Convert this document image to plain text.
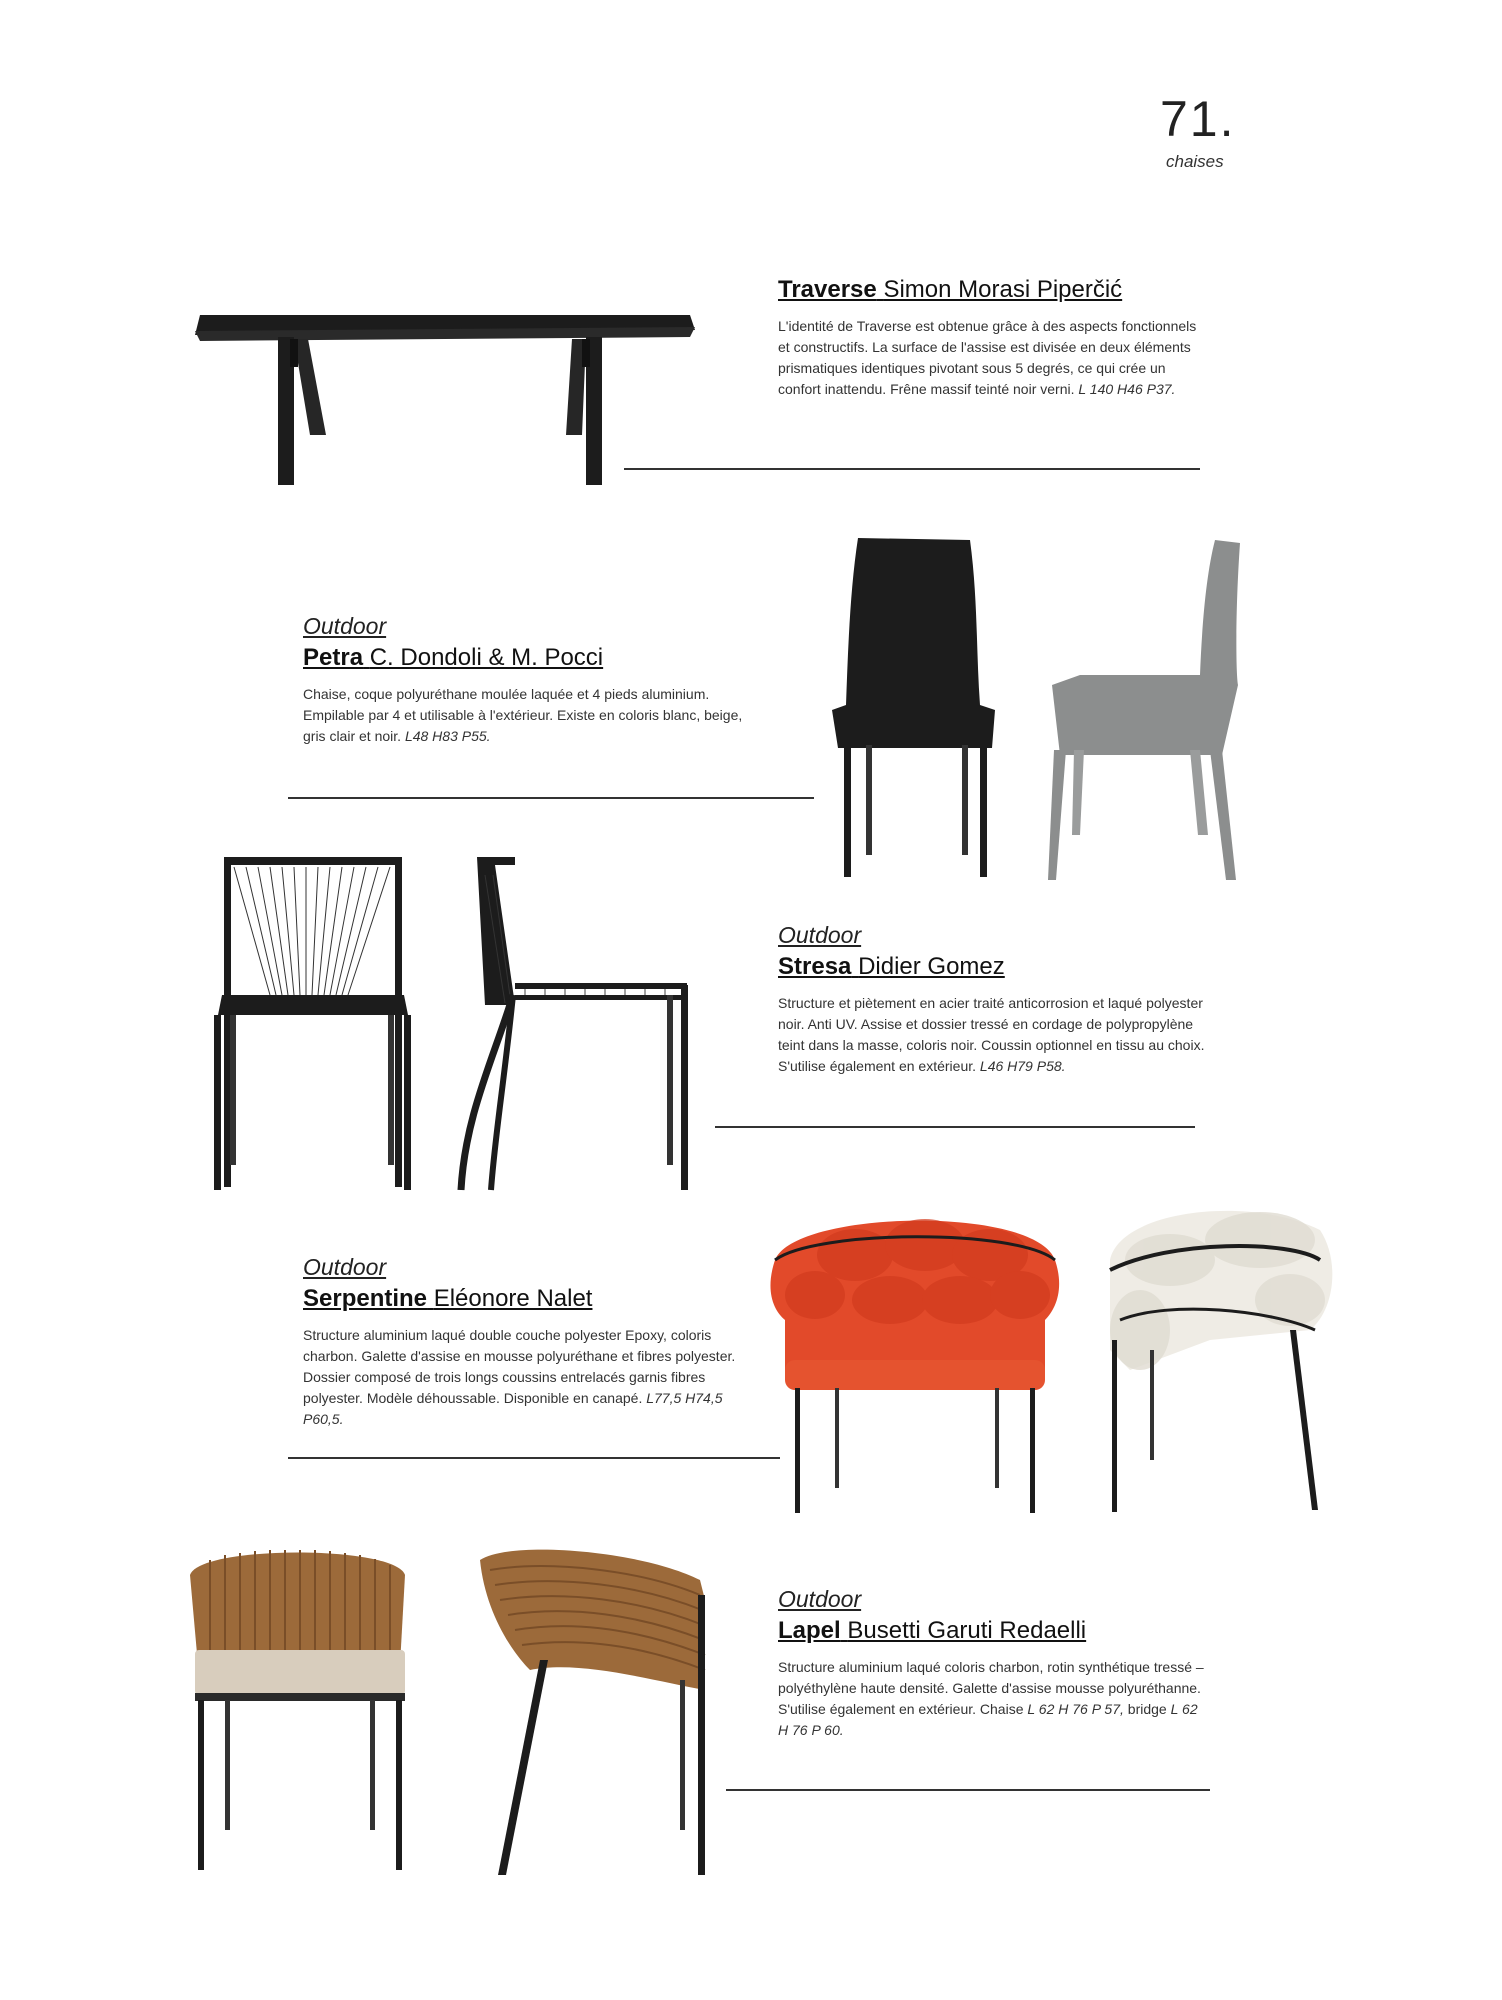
71.
chaises
Traverse Simon Morasi Piperčić
L'identité de Traverse est obtenue grâce à des aspects fonctionnels et constructifs. La surface de l'assise est divisée en deux éléments prismatiques identiques pivotant sous 5 degrés, ce qui crée un confort inattendu. Frêne massif teinté noir verni. L 140 H46 P37.
Outdoor
Petra C. Dondoli & M. Pocci
Chaise, coque polyuréthane moulée laquée et 4 pieds aluminium. Empilable par 4 et utilisable à l'extérieur. Existe en coloris blanc, beige, gris clair et noir. L48 H83 P55.
Outdoor
Stresa Didier Gomez
Structure et piètement en acier traité anticorrosion et laqué polyester noir. Anti UV. Assise et dossier tressé en cordage de polypropylène teint dans la masse, coloris noir. Coussin optionnel en tissu au choix. S'utilise également en extérieur. L46 H79 P58.
Outdoor
Serpentine Eléonore Nalet
Structure aluminium laqué double couche polyester Epoxy, coloris charbon. Galette d'assise en mousse polyuréthane et fibres polyester. Dossier composé de trois longs coussins entrelacés garnis fibres polyester. Modèle déhoussable. Disponible en canapé. L77,5 H74,5 P60,5.
Outdoor
Lapel Busetti Garuti Redaelli
Structure aluminium laqué coloris charbon, rotin synthétique tressé – polyéthylène haute densité. Galette d'assise mousse polyuréthanne. S'utilise également en extérieur. Chaise L 62 H 76 P 57, bridge L 62 H 76 P 60.
